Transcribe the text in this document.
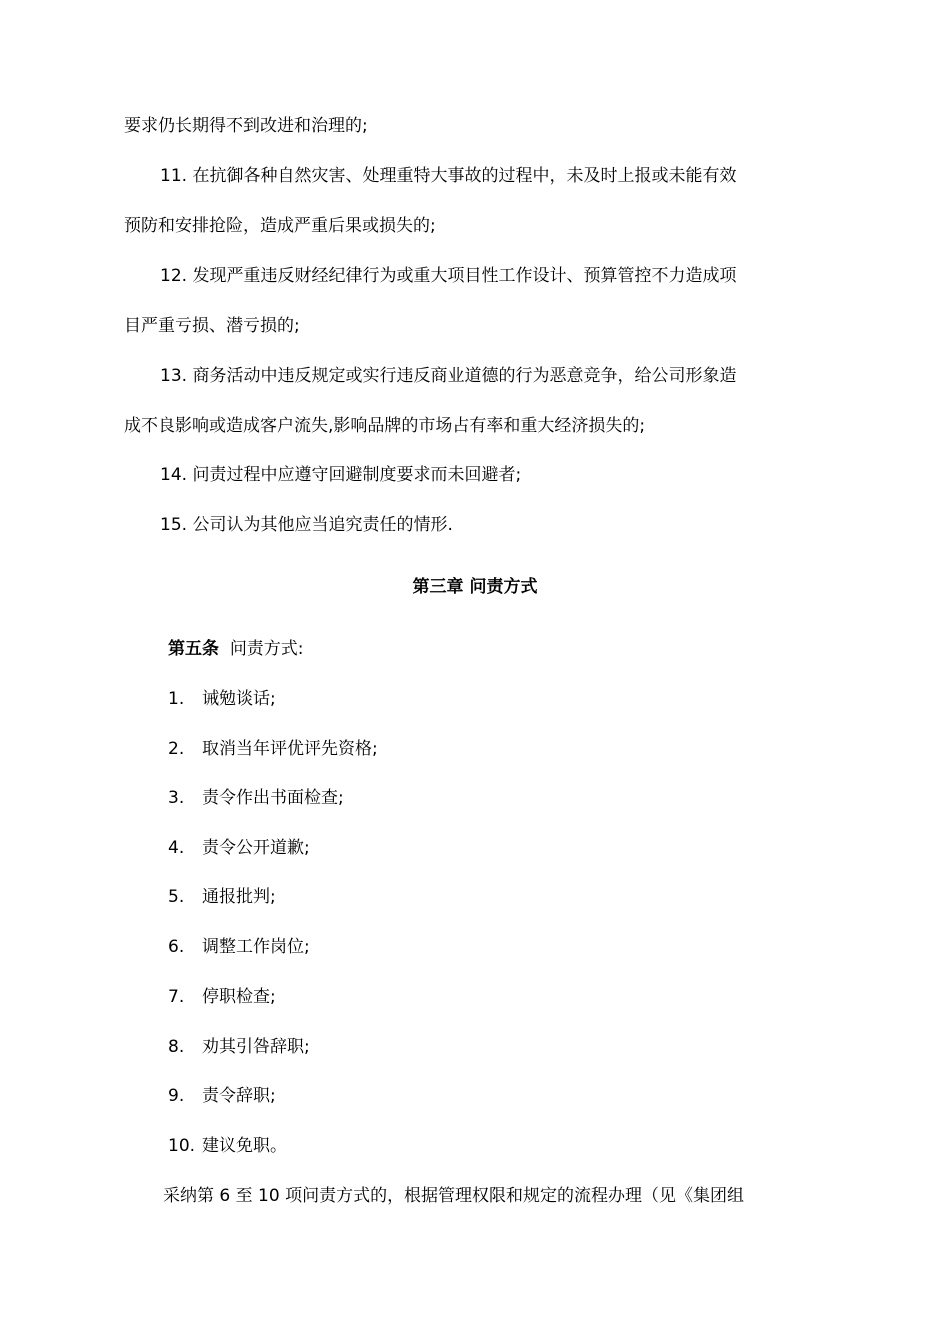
要求仍长期得不到改进和治理的;
11. 在抗御各种自然灾害、处理重特大事故的过程中，未及时上报或未能有效
预防和安排抢险，造成严重后果或损失的;
12. 发现严重违反财经纪律行为或重大项目性工作设计、预算管控不力造成项
目严重亏损、潜亏损的;
13. 商务活动中违反规定或实行违反商业道德的行为恶意竞争，给公司形象造
成不良影响或造成客户流失,影响品牌的市场占有率和重大经济损失的;
14. 问责过程中应遵守回避制度要求而未回避者;
15. 公司认为其他应当追究责任的情形.
第三章 问责方式
第五条 问责方式:
1. 诫勉谈话;
2. 取消当年评优评先资格;
3. 责令作出书面检查;
4. 责令公开道歉;
5. 通报批判;
6. 调整工作岗位;
7. 停职检查;
8. 劝其引咎辞职;
9. 责令辞职;
10. 建议免职。
采纳第 6 至 10 项问责方式的，根据管理权限和规定的流程办理（见《集团组
